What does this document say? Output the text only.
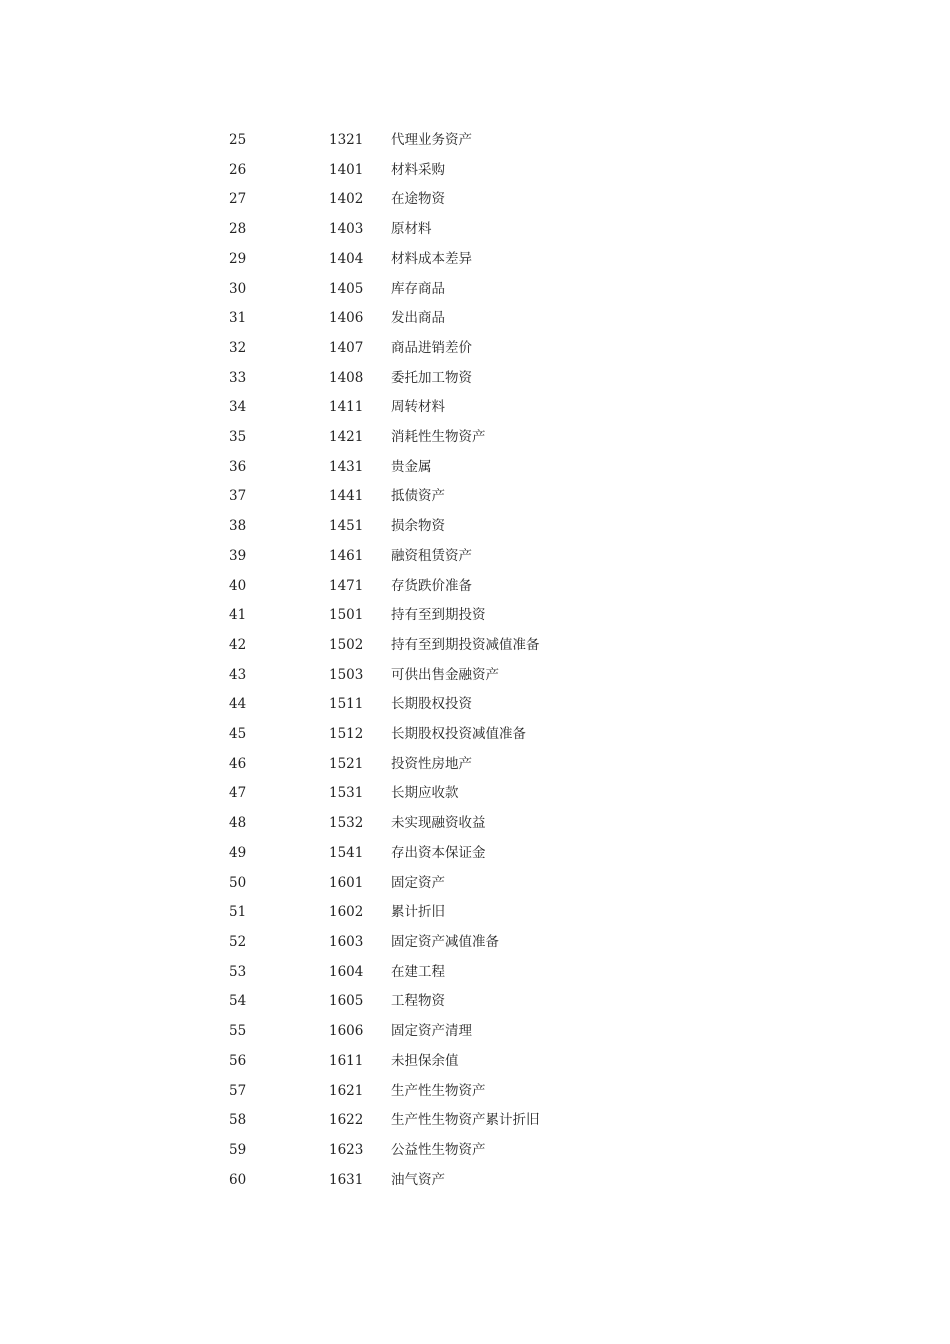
25	1321	代理业务资产
26	1401	材料采购
27	1402	在途物资
28	1403	原材料
29	1404	材料成本差异
30	1405	库存商品
31	1406	发出商品
32	1407	商品进销差价
33	1408	委托加工物资
34	1411	周转材料
35	1421	消耗性生物资产
36	1431	贵金属
37	1441	抵债资产
38	1451	损余物资
39	1461	融资租赁资产
40	1471	存货跌价准备
41	1501	持有至到期投资
42	1502	持有至到期投资减值准备
43	1503	可供出售金融资产
44	1511	长期股权投资
45	1512	长期股权投资减值准备
46	1521	投资性房地产
47	1531	长期应收款
48	1532	未实现融资收益
49	1541	存出资本保证金
50	1601	固定资产
51	1602	累计折旧
52	1603	固定资产减值准备
53	1604	在建工程
54	1605	工程物资
55	1606	固定资产清理
56	1611	未担保余值
57	1621	生产性生物资产
58	1622	生产性生物资产累计折旧
59	1623	公益性生物资产
60	1631	油气资产
